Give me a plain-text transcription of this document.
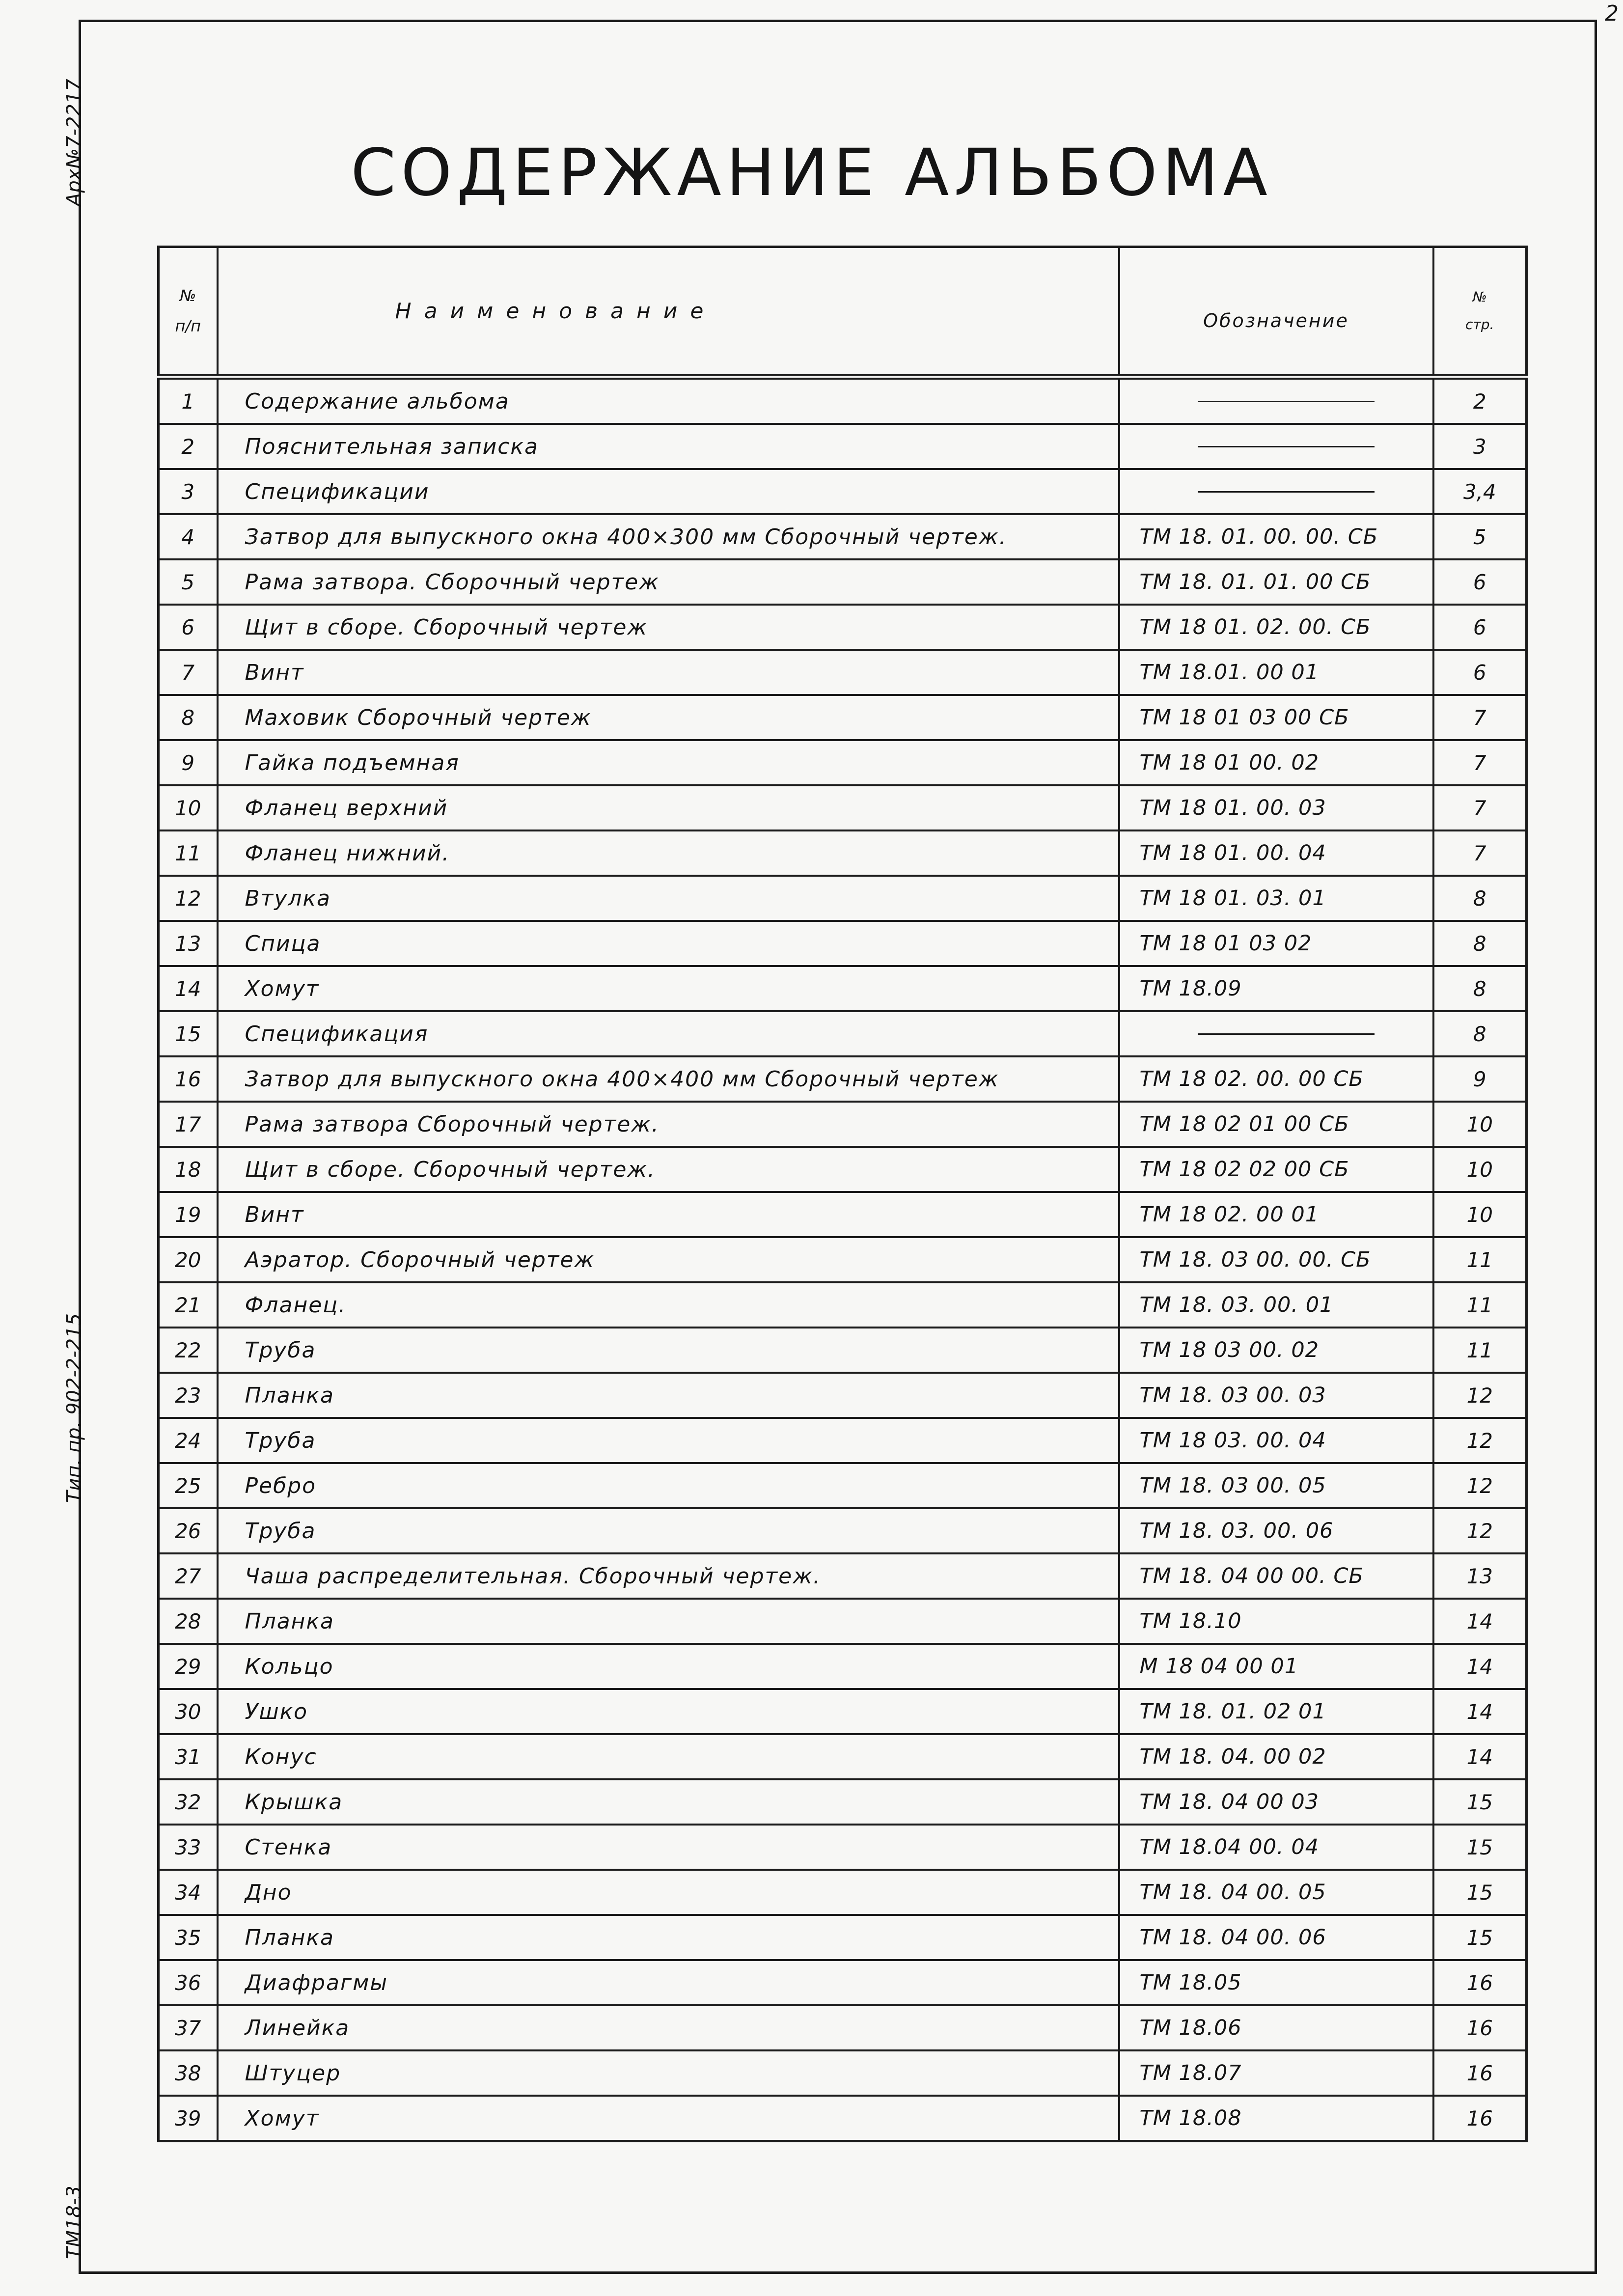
2
Арх№7-2217
Тип. пр. 902-2-215
ТМ18-3
СОДЕРЖАНИЕ АЛЬБОМА
№
п/п	Наименование	Обозначение	№
стр.
1	Содержание альбома		2
2	Пояснительная записка		3
3	Спецификации		3,4
4	Затвор для выпускного окна 400×300 мм Сборочный чертеж.	ТМ 18. 01. 00. 00. СБ	5
5	Рама затвора. Сборочный чертеж	ТМ 18. 01. 01. 00 СБ	6
6	Щит в сборе. Сборочный чертеж	ТМ 18 01. 02. 00. СБ	6
7	Винт	ТМ 18.01. 00 01	6
8	Маховик Сборочный чертеж	ТМ 18 01 03 00 СБ	7
9	Гайка подъемная	ТМ 18 01 00. 02	7
10	Фланец верхний	ТМ 18 01. 00. 03	7
11	Фланец нижний.	ТМ 18 01. 00. 04	7
12	Втулка	ТМ 18 01. 03. 01	8
13	Спица	ТМ 18 01 03 02	8
14	Хомут	ТМ 18.09	8
15	Спецификация		8
16	Затвор для выпускного окна 400×400 мм Сборочный чертеж	ТМ 18 02. 00. 00 СБ	9
17	Рама затвора Сборочный чертеж.	ТМ 18 02 01 00 СБ	10
18	Щит в сборе. Сборочный чертеж.	ТМ 18 02 02 00 СБ	10
19	Винт	ТМ 18 02. 00 01	10
20	Аэратор. Сборочный чертеж	ТМ 18. 03 00. 00. СБ	11
21	Фланец.	ТМ 18. 03. 00. 01	11
22	Труба	ТМ 18 03 00. 02	11
23	Планка	ТМ 18. 03 00. 03	12
24	Труба	ТМ 18 03. 00. 04	12
25	Ребро	ТМ 18. 03 00. 05	12
26	Труба	ТМ 18. 03. 00. 06	12
27	Чаша распределительная. Сборочный чертеж.	ТМ 18. 04 00 00. СБ	13
28	Планка	ТМ 18.10	14
29	Кольцо	М 18 04 00 01	14
30	Ушко	ТМ 18. 01. 02 01	14
31	Конус	ТМ 18. 04. 00 02	14
32	Крышка	ТМ 18. 04 00 03	15
33	Стенка	ТМ 18.04 00. 04	15
34	Дно	ТМ 18. 04 00. 05	15
35	Планка	ТМ 18. 04 00. 06	15
36	Диафрагмы	ТМ 18.05	16
37	Линейка	ТМ 18.06	16
38	Штуцер	ТМ 18.07	16
39	Хомут	ТМ 18.08	16
